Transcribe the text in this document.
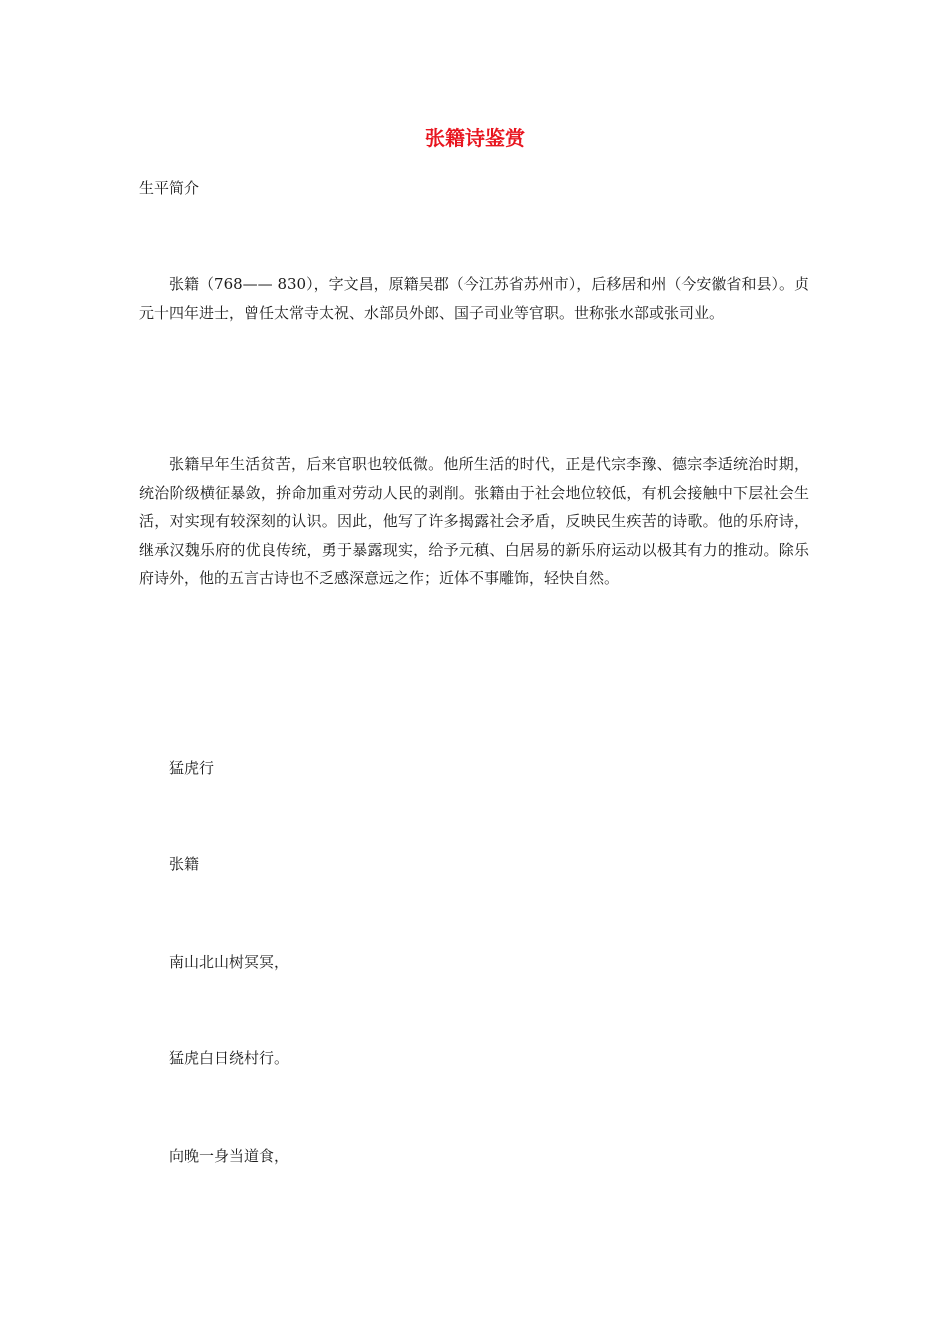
张籍诗鉴赏

生平简介

张籍（768—— 830），字文昌，原籍吴郡（今江苏省苏州市），后移居和州（今安徽省和县）。贞元十四年进士，曾任太常寺太祝、水部员外郎、国子司业等官职。世称张水部或张司业。

张籍早年生活贫苦，后来官职也较低微。他所生活的时代，正是代宗李豫、德宗李适统治时期，统治阶级横征暴敛，拚命加重对劳动人民的剥削。张籍由于社会地位较低，有机会接触中下层社会生活，对实现有较深刻的认识。因此，他写了许多揭露社会矛盾，反映民生疾苦的诗歌。他的乐府诗，继承汉魏乐府的优良传统，勇于暴露现实，给予元稹、白居易的新乐府运动以极其有力的推动。除乐府诗外，他的五言古诗也不乏感深意远之作；近体不事雕饰，轻快自然。

猛虎行

张籍

南山北山树冥冥，

猛虎白日绕村行。

向晚一身当道食，
